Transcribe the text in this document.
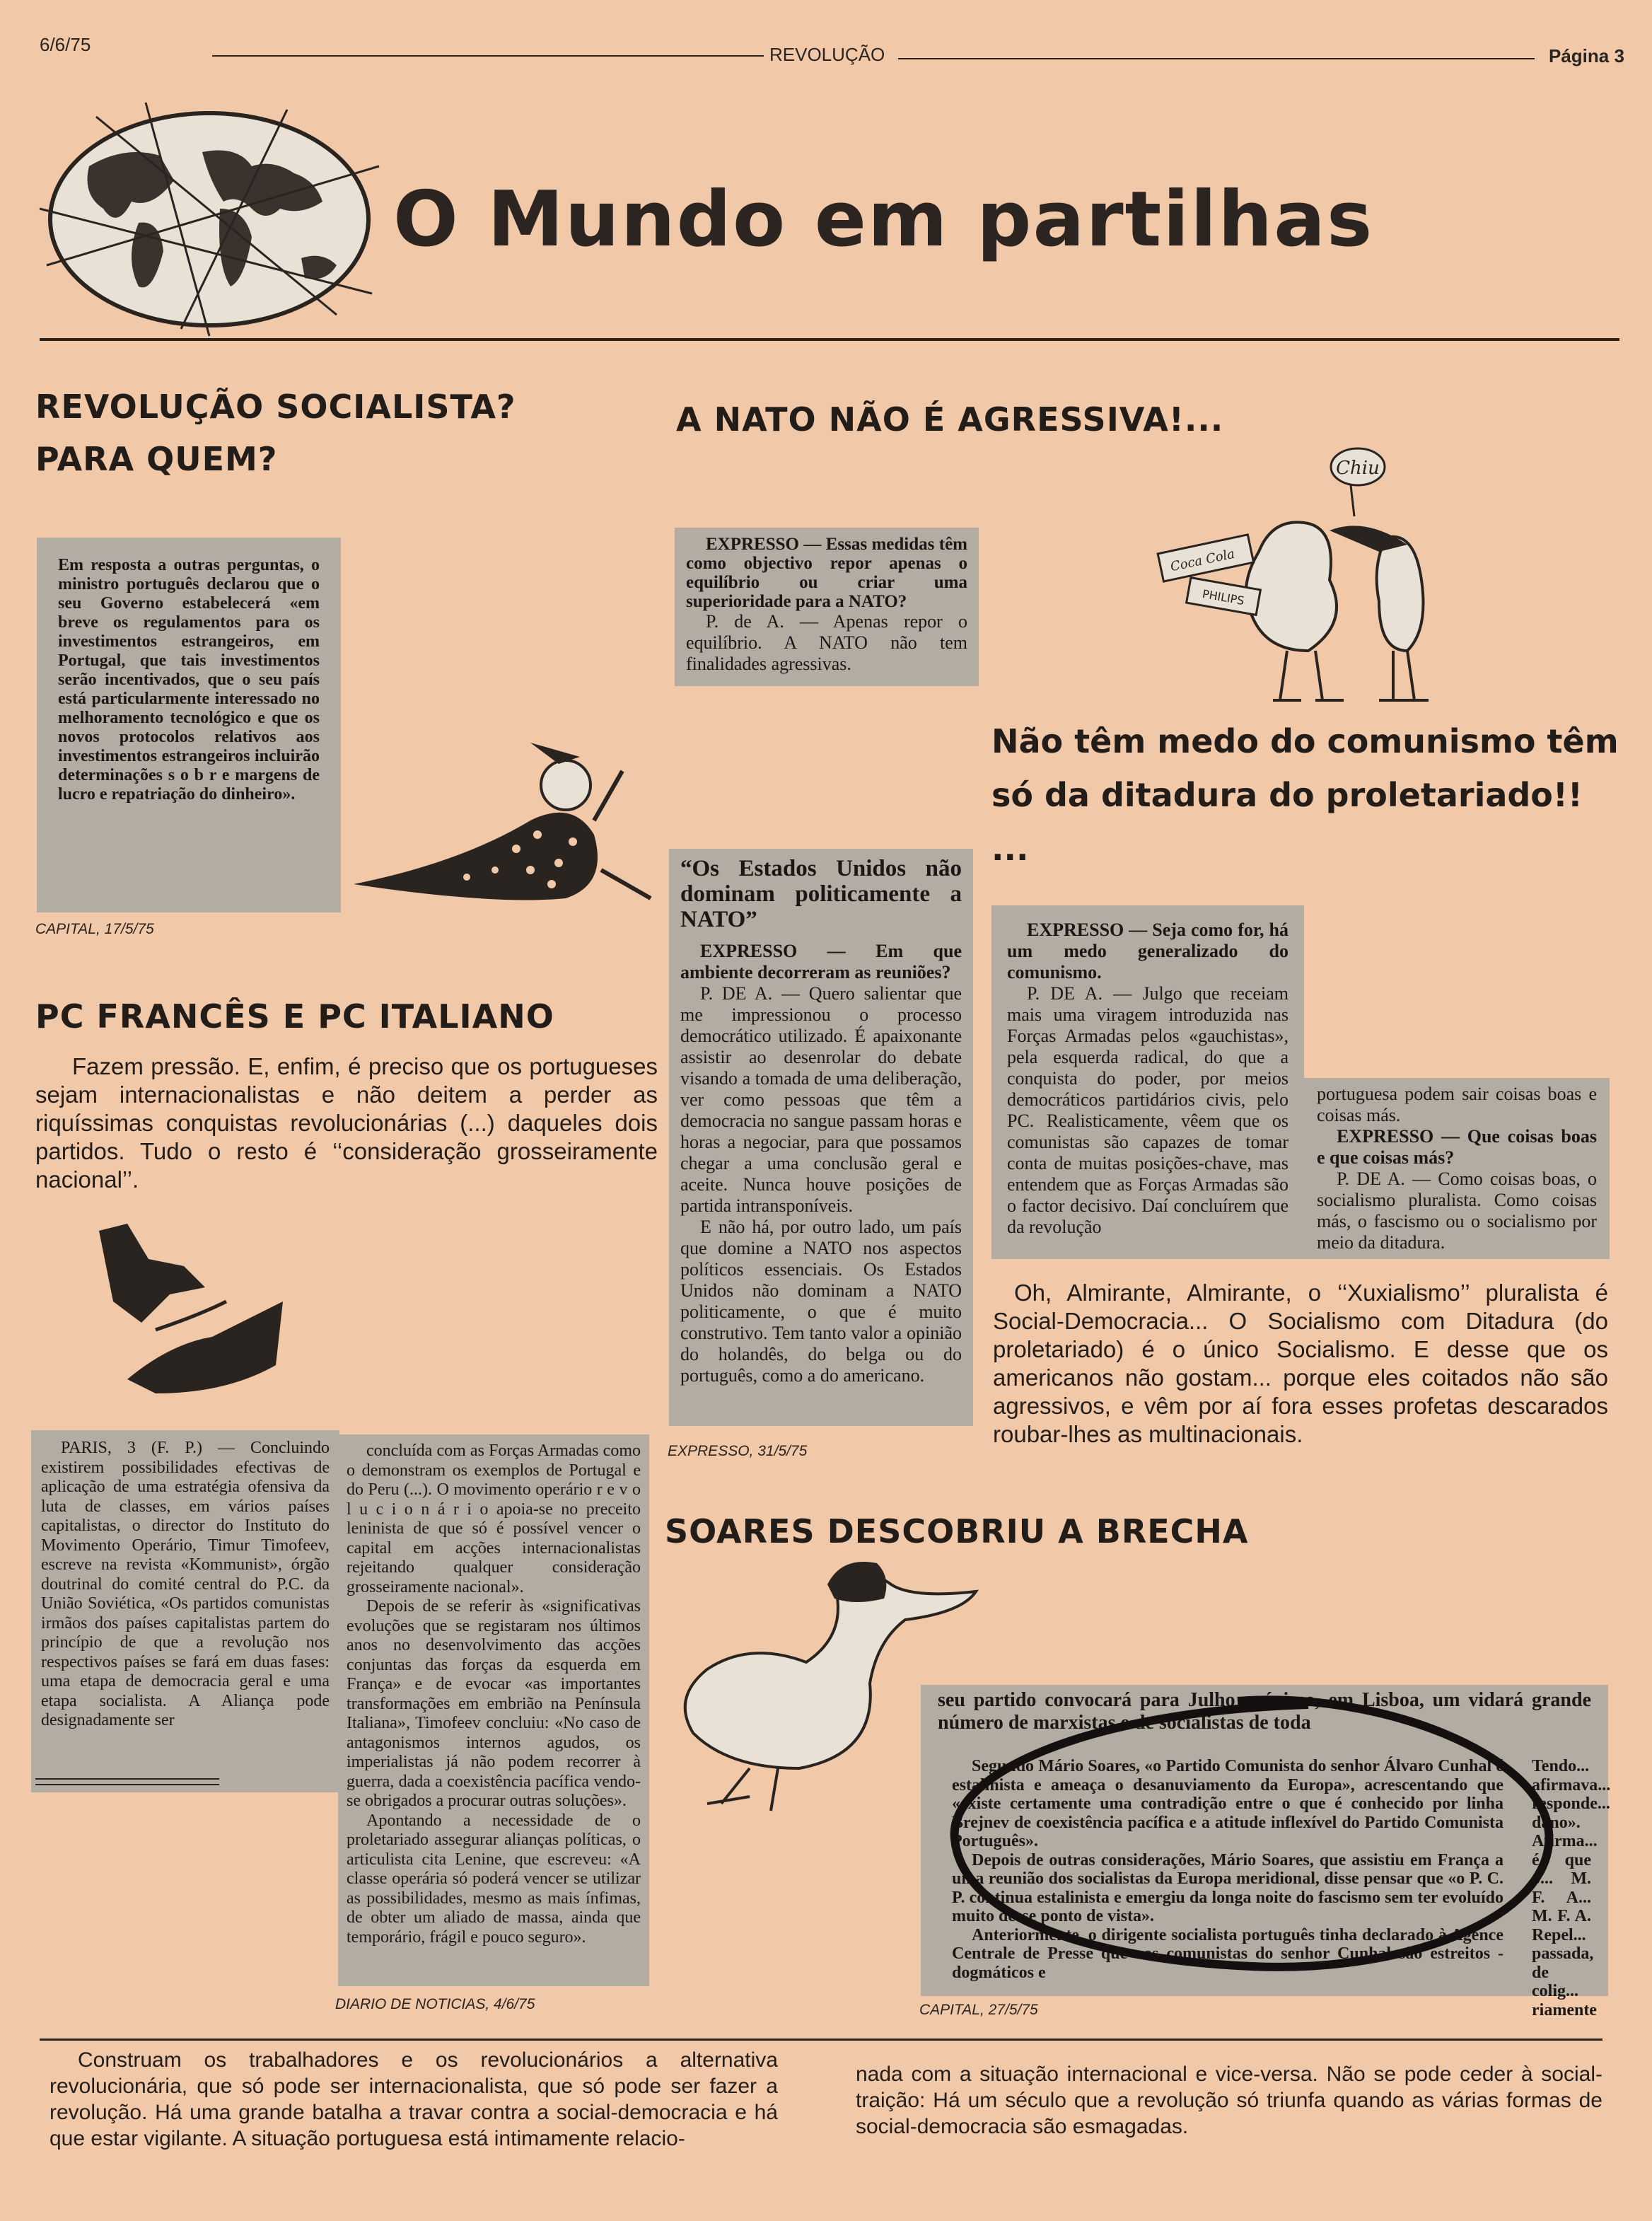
6/6/75	REVOLUÇÃO	Página 3
O Mundo em partilhas
REVOLUÇÃO SOCIALISTA? PARA QUEM?
Em resposta a outras perguntas, o ministro português declarou que o seu Governo estabelecerá «em breve os regulamentos para os investimentos estrangeiros, em Portugal, que tais investimentos serão incentivados, que o seu país está particularmente interessado no melhoramento tecnológico e que os novos protocolos relativos aos investimentos estrangeiros incluirão determinações s o b r e margens de lucro e repatriação do dinheiro».
CAPITAL, 17/5/75
PC FRANCÊS E PC ITALIANO
Fazem pressão. E, enfim, é preciso que os portugueses sejam internacionalistas e não deitem a perder as riquíssimas conquistas revolucionárias (...) daqueles dois partidos. Tudo o resto é ‘‘consideração grosseiramente nacional’’.

PARIS, 3 (F. P.) — Concluindo existirem possibilidades efectivas de aplicação de uma estratégia ofensiva da luta de classes, em vários países capitalistas, o director do Instituto do Movimento Operário, Timur Timofeev, escreve na revista «Kommunist», órgão doutrinal do comité central do P.C. da União Soviética, «Os partidos comunistas irmãos dos países capitalistas partem do princípio de que a revolução nos respectivos países se fará em duas fases: uma etapa de democracia geral e uma etapa socialista. A Aliança pode designadamente ser

concluída com as Forças Armadas como o demonstram os exemplos de Portugal e do Peru (...). O movimento operário r e v o l u c i o n á r i o apoia-se no preceito leninista de que só é possível vencer o capital em acções internacionalistas rejeitando qualquer consideração grosseiramente nacional».

Depois de se referir às «significativas evoluções que se registaram nos últimos anos no desenvolvimento das acções conjuntas das forças da esquerda em França» e de evocar «as importantes transformações em embrião na Península Italiana», Timofeev concluiu: «No caso de antagonismos internos agudos, os imperialistas já não podem recorrer à guerra, dada a coexistência pacífica vendo-se obrigados a procurar outras soluções».

Apontando a necessidade de o proletariado assegurar alianças políticas, o articulista cita Lenine, que escreveu: «A classe operária só poderá vencer se utilizar as possibilidades, mesmo as mais ínfimas, de obter um aliado de massa, ainda que temporário, frágil e pouco seguro».

DIARIO DE NOTICIAS, 4/6/75
A NATO NÃO É AGRESSIVA!...

EXPRESSO — Essas medidas têm como objectivo repor apenas o equilíbrio ou criar uma superioridade para a NATO?

P. de A. — Apenas repor o equilíbrio. A NATO não tem finalidades agressivas.

Chiu
Coca Cola
PHILIPS
Não têm medo do comunismo têm só da ditadura do proletariado!! ...
“Os Estados Unidos não dominam politicamente a NATO”

EXPRESSO — Em que ambiente decorreram as reuniões?

P. DE A. — Quero salientar que me impressionou o processo democrático utilizado. É apaixonante assistir ao desenrolar do debate visando a tomada de uma deliberação, ver como pessoas que têm a democracia no sangue passam horas e horas a negociar, para que possamos chegar a uma conclusão geral e aceite. Nunca houve posições de partida intransponíveis.

E não há, por outro lado, um país que domine a NATO nos aspectos políticos essenciais. Os Estados Unidos não dominam a NATO politicamente, o que é muito construtivo. Tem tanto valor a opinião do holandês, do belga ou do português, como a do americano.

EXPRESSO, 31/5/75

EXPRESSO — Seja como for, há um medo generalizado do comunismo.

P. DE A. — Julgo que receiam mais uma viragem introduzida nas Forças Armadas pelos «gauchistas», pela esquerda radical, do que a conquista do poder, por meios democráticos partidários civis, pelo PC. Realisticamente, vêem que os comunistas são capazes de tomar conta de muitas posições-chave, mas entendem que as Forças Armadas são o factor decisivo. Daí concluírem que da revolução

portuguesa podem sair coisas boas e coisas más.

EXPRESSO — Que coisas boas e que coisas más?

P. DE A. — Como coisas boas, o socialismo pluralista. Como coisas más, o fascismo ou o socialismo por meio da ditadura.

Oh, Almirante, Almirante, o ‘‘Xuxialismo’’ pluralista é Social-Democracia... O Socialismo com Ditadura (do proletariado) é o único Socialismo. E desse que os americanos não gostam... porque eles coitados não são agressivos, e vêm por aí fora esses profetas descarados roubar-lhes as multinacionais.
SOARES DESCOBRIU A BRECHA

seu partido convocará para Julho próximo, em Lisboa, um vidará grande número de marxistas e de socialistas de toda

Segundo Mário Soares, «o Partido Comunista do senhor Álvaro Cunhal é estalinista e ameaça o desanuviamento da Europa», acrescentando que «existe certamente uma contradição entre o que é conhecido por linha Brejnev de coexistência pacífica e a atitude inflexível do Partido Comunista Português».

Depois de outras considerações, Mário Soares, que assistiu em França a uma reunião dos socialistas da Europa meridional, disse pensar que «o P. C. P. continua estalinista e emergiu da longa noite do fascismo sem ter evoluído muito desse ponto de vista».

Anteriormente, o dirigente socialista português tinha declarado à Agence Centrale de Presse que «os comunistas do senhor Cunhal são estreitos - dogmáticos e

Tendo... afirmava... responde... dano». Afirma... é que o... M. F. A... M. F. A. Repel... passada, de colig... riamente
CAPITAL, 27/5/75
Construam os trabalhadores e os revolucionários a alternativa revolucionária, que só pode ser internacionalista, que só pode ser fazer a revolução. Há uma grande batalha a travar contra a social-democracia e há que estar vigilante. A situação portuguesa está intimamente relacio-
nada com a situação internacional e vice-versa. Não se pode ceder à social-traição: Há um século que a revolução só triunfa quando as várias formas de social-democracia são esmagadas.
